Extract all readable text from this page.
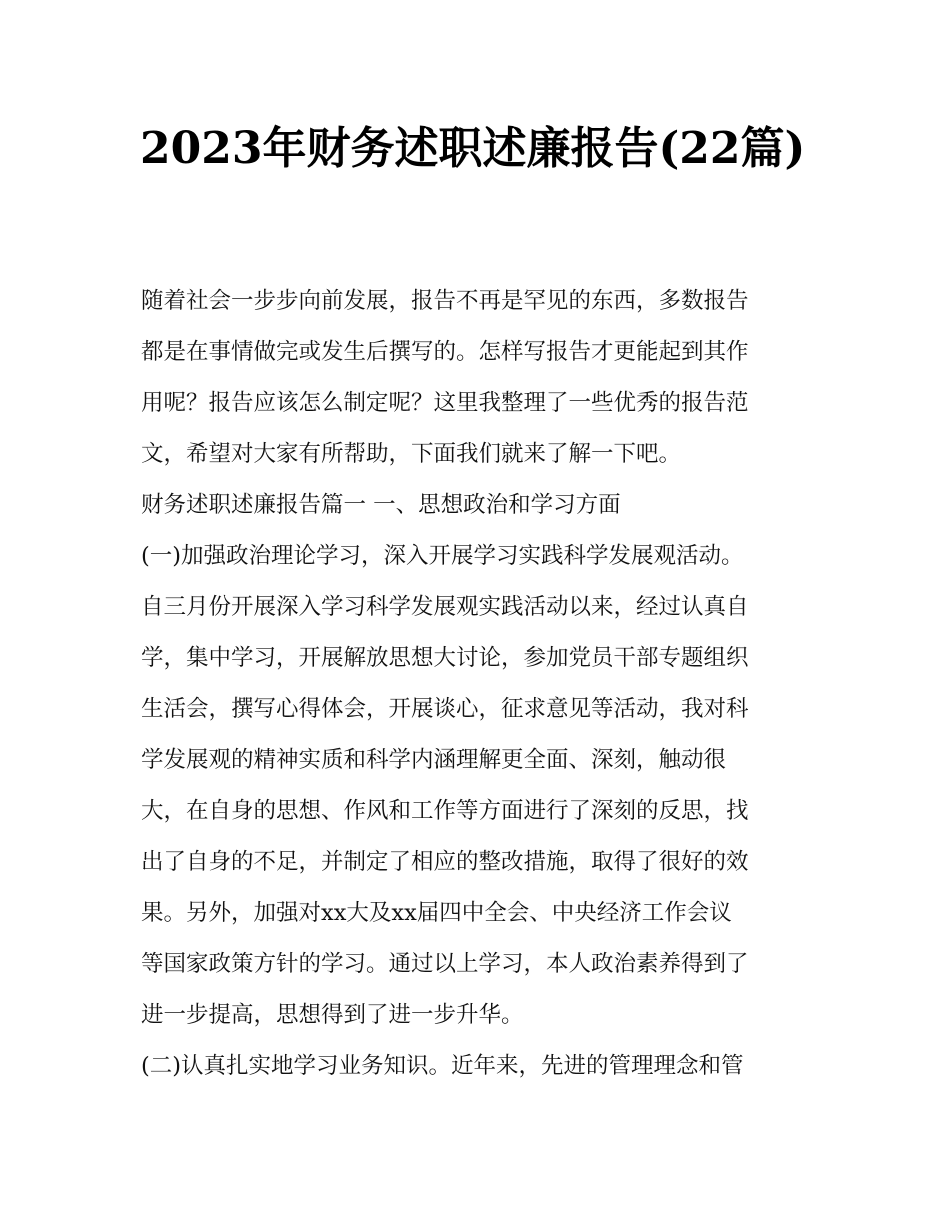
2023年财务述职述廉报告(22篇)

随着社会一步步向前发展，报告不再是罕见的东西，多数报告
都是在事情做完或发生后撰写的。怎样写报告才更能起到其作
用呢？报告应该怎么制定呢？这里我整理了一些优秀的报告范
文，希望对大家有所帮助，下面我们就来了解一下吧。

财务述职述廉报告篇一 一、思想政治和学习方面

(一)加强政治理论学习，深入开展学习实践科学发展观活动。

自三月份开展深入学习科学发展观实践活动以来，经过认真自
学，集中学习，开展解放思想大讨论，参加党员干部专题组织
生活会，撰写心得体会，开展谈心，征求意见等活动，我对科
学发展观的精神实质和科学内涵理解更全面、深刻，触动很
大，在自身的思想、作风和工作等方面进行了深刻的反思，找
出了自身的不足，并制定了相应的整改措施，取得了很好的效
果。另外，加强对xx大及xx届四中全会、中央经济工作会议
等国家政策方针的学习。通过以上学习，本人政治素养得到了
进一步提高，思想得到了进一步升华。

(二)认真扎实地学习业务知识。近年来，先进的管理理念和管
